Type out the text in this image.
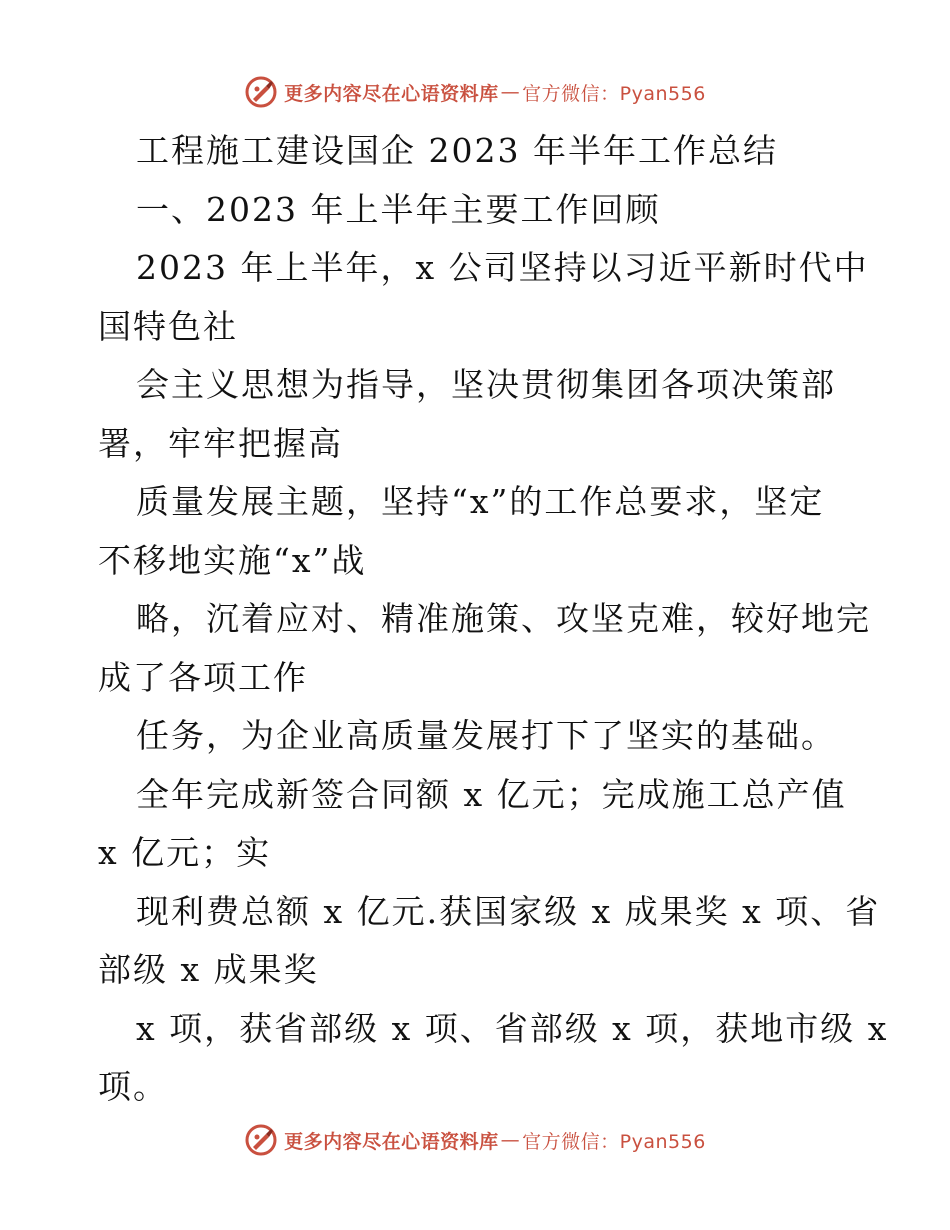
更多内容尽在心语资料库 — 官方微信：Pyan556
工程施工建设国企 2023 年半年工作总结
一、2023 年上半年主要工作回顾
2023 年上半年，x 公司坚持以习近平新时代中
国特色社
会主义思想为指导，坚决贯彻集团各项决策部
署，牢牢把握高
质量发展主题，坚持“x”的工作总要求，坚定
不移地实施“x”战
略，沉着应对、精准施策、攻坚克难，较好地完
成了各项工作
任务，为企业高质量发展打下了坚实的基础。
全年完成新签合同额 x 亿元；完成施工总产值
x 亿元；实
现利费总额 x 亿元.获国家级 x 成果奖 x 项、省
部级 x 成果奖
x 项，获省部级 x 项、省部级 x 项，获地市级 x
项。
更多内容尽在心语资料库 — 官方微信：Pyan556
